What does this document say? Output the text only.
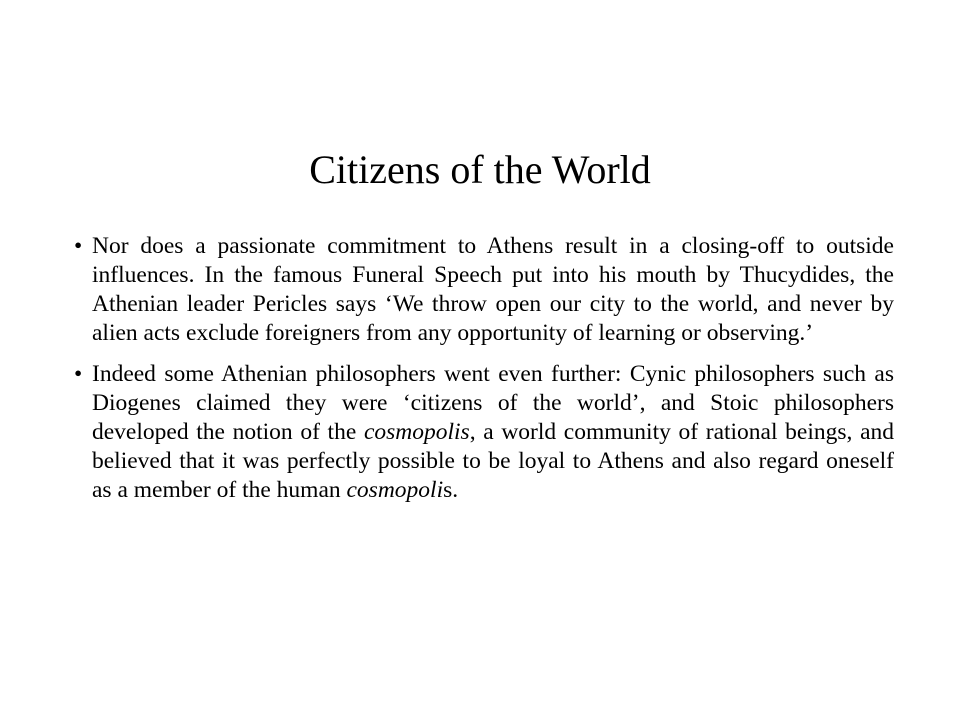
Citizens of the World
• Nor does a passionate commitment to Athens result in a closing-off to outside influences. In the famous Funeral Speech put into his mouth by Thucydides, the Athenian leader Pericles says ‘We throw open our city to the world, and never by alien acts exclude foreigners from any opportunity of learning or observing.’
• Indeed some Athenian philosophers went even further: Cynic philosophers such as Diogenes claimed they were ‘citizens of the world’, and Stoic philosophers developed the notion of the cosmopolis, a world community of rational beings, and believed that it was perfectly possible to be loyal to Athens and also regard oneself as a member of the human cosmopolis.
